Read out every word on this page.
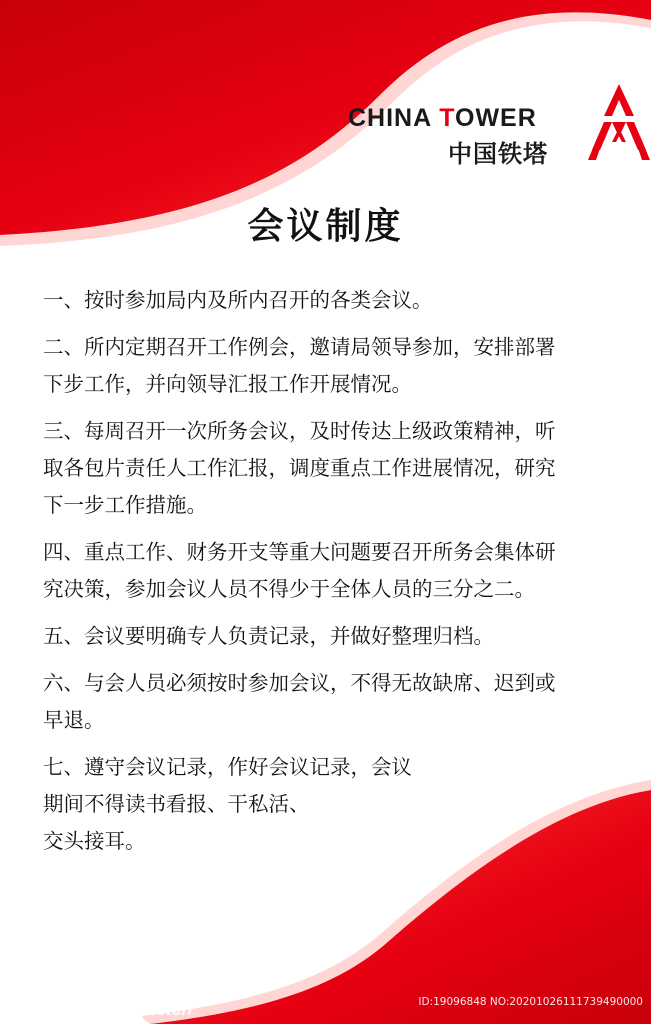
CHINA TOWER
中国铁塔
会议制度
一、按时参加局内及所内召开的各类会议。
二、所内定期召开工作例会，邀请局领导参加，安排部署
下步工作，并向领导汇报工作开展情况。
三、每周召开一次所务会议，及时传达上级政策精神，听
取各包片责任人工作汇报，调度重点工作进展情况，研究
下一步工作措施。
四、重点工作、财务开支等重大问题要召开所务会集体研
究决策，参加会议人员不得少于全体人员的三分之二。
五、会议要明确专人负责记录，并做好整理归档。
六、与会人员必须按时参加会议，不得无故缺席、迟到或
早退。
七、遵守会议记录，作好会议记录，会议
期间不得读书看报、干私活、
交头接耳。
昵享网 www.nipic.cn	ID:19096848 NO:20201026111739490000
